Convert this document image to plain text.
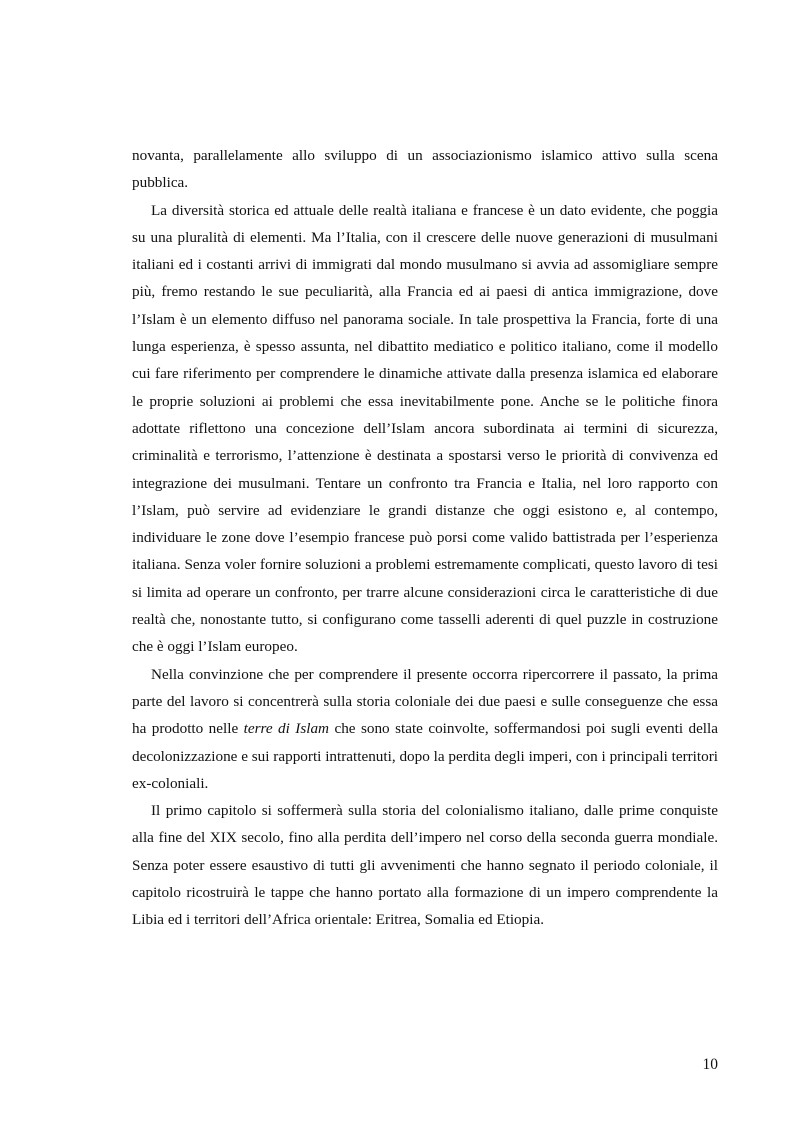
novanta, parallelamente allo sviluppo di un associazionismo islamico attivo sulla scena pubblica.

La diversità storica ed attuale delle realtà italiana e francese è un dato evidente, che poggia su una pluralità di elementi. Ma l’Italia, con il crescere delle nuove generazioni di musulmani italiani ed i costanti arrivi di immigrati dal mondo musulmano si avvia ad assomigliare sempre più, fremo restando le sue peculiarità, alla Francia ed ai paesi di antica immigrazione, dove l’Islam è un elemento diffuso nel panorama sociale. In tale prospettiva la Francia, forte di una lunga esperienza, è spesso assunta, nel dibattito mediatico e politico italiano, come il modello cui fare riferimento per comprendere le dinamiche attivate dalla presenza islamica ed elaborare le proprie soluzioni ai problemi che essa inevitabilmente pone. Anche se le politiche finora adottate riflettono una concezione dell’Islam ancora subordinata ai termini di sicurezza, criminalità e terrorismo, l’attenzione è destinata a spostarsi verso le priorità di convivenza ed integrazione dei musulmani. Tentare un confronto tra Francia e Italia, nel loro rapporto con l’Islam, può servire ad evidenziare le grandi distanze che oggi esistono e, al contempo, individuare le zone dove l’esempio francese può porsi come valido battistrada per l’esperienza italiana. Senza voler fornire soluzioni a problemi estremamente complicati, questo lavoro di tesi si limita ad operare un confronto, per trarre alcune considerazioni circa le caratteristiche di due realtà che, nonostante tutto, si configurano come tasselli aderenti di quel puzzle in costruzione che è oggi l’Islam europeo.

Nella convinzione che per comprendere il presente occorra ripercorrere il passato, la prima parte del lavoro si concentrerà sulla storia coloniale dei due paesi e sulle conseguenze che essa ha prodotto nelle terre di Islam che sono state coinvolte, soffermandosi poi sugli eventi della decolonizzazione e sui rapporti intrattenuti, dopo la perdita degli imperi, con i principali territori ex-coloniali.

Il primo capitolo si soffermerà sulla storia del colonialismo italiano, dalle prime conquiste alla fine del XIX secolo, fino alla perdita dell’impero nel corso della seconda guerra mondiale. Senza poter essere esaustivo di tutti gli avvenimenti che hanno segnato il periodo coloniale, il capitolo ricostruirà le tappe che hanno portato alla formazione di un impero comprendente la Libia ed i territori dell’Africa orientale: Eritrea, Somalia ed Etiopia.

10
